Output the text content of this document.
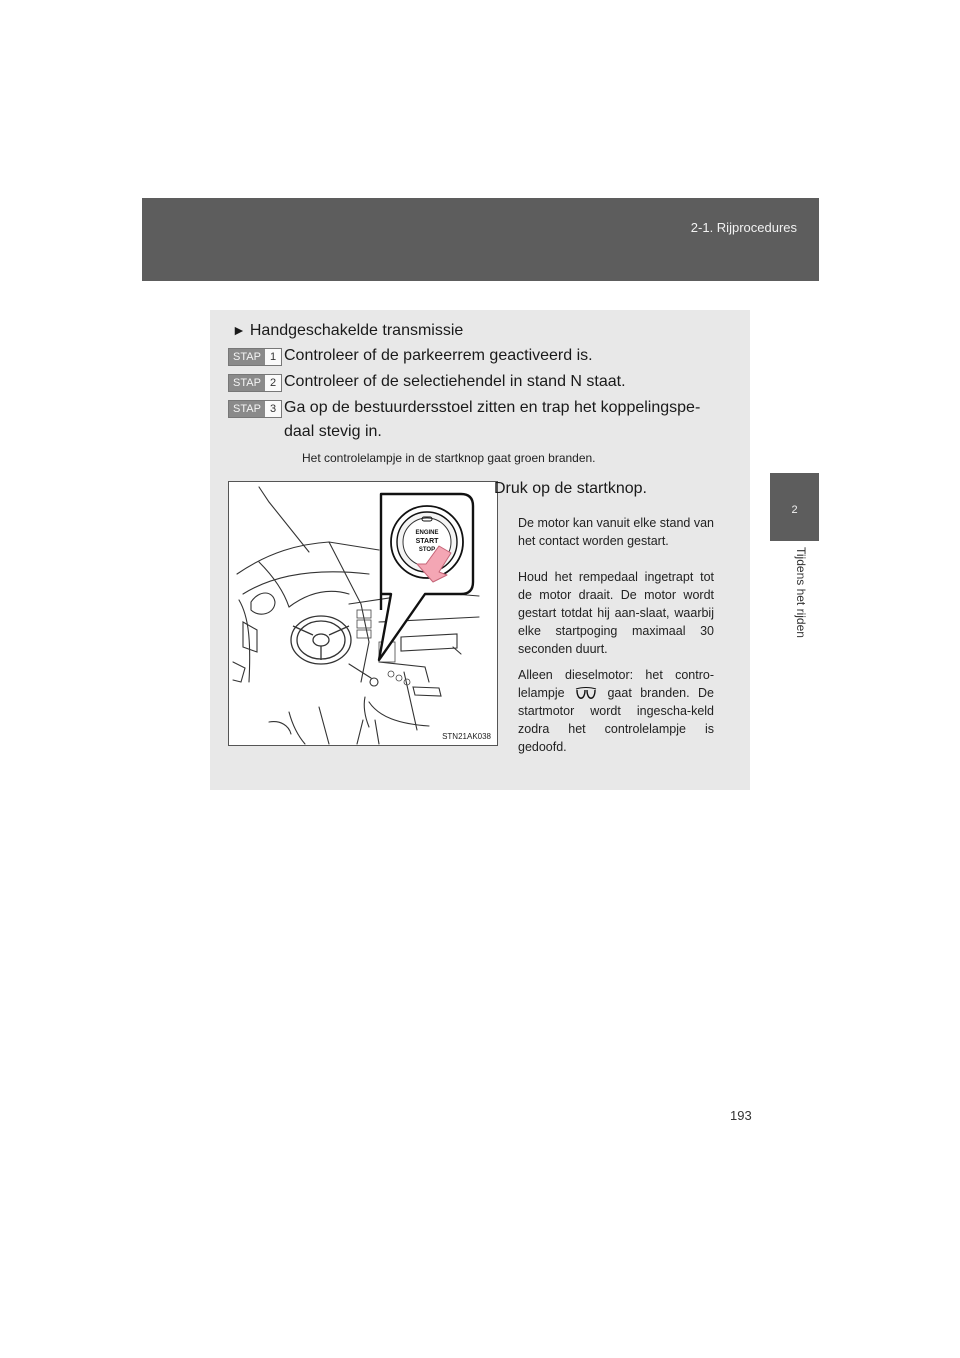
2-1. Rijprocedures
2
Tijdens het rijden
► Handgeschakelde transmissie
STAP 1 Controleer of de parkeerrem geactiveerd is.
STAP 2 Controleer of de selectiehendel in stand N staat.
STAP 3 Ga op de bestuurdersstoel zitten en trap het koppelingspe-
daal stevig in.
Het controlelampje in de startknop gaat groen branden.
ENGINE
START
STOP
STN21AK038
Druk op de startknop.

De motor kan vanuit elke stand van het contact worden gestart.

Houd het rempedaal ingetrapt tot de motor draait. De motor wordt gestart totdat hij aan-slaat, waarbij elke startpoging maximaal 30 seconden duurt.

Alleen dieselmotor: het contro-lelampje	gaat branden. De startmotor wordt ingescha-keld zodra het controlelampje is gedoofd.

193
